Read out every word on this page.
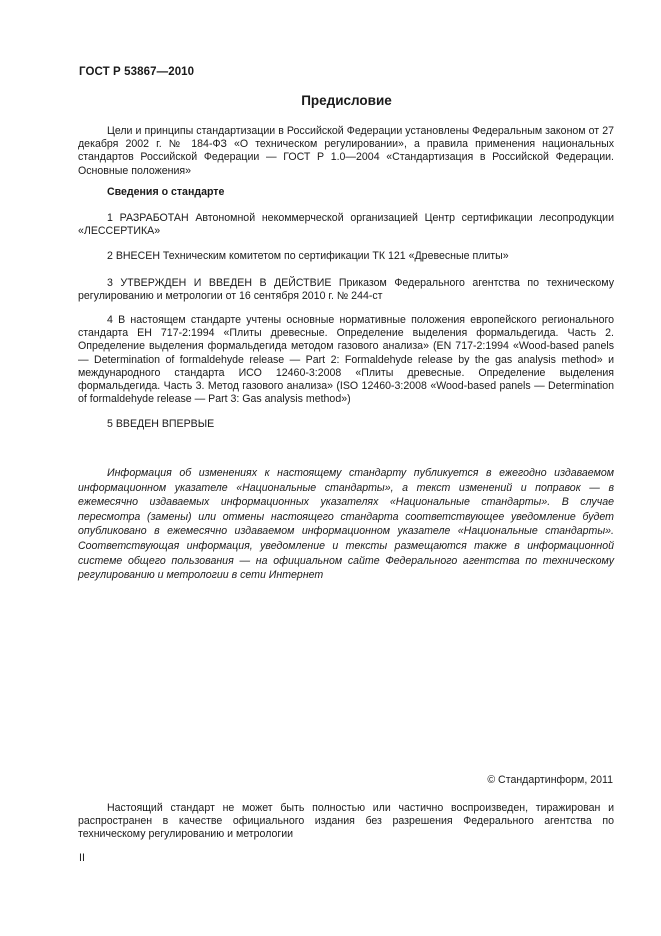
ГОСТ Р 53867—2010
Предисловие
Цели и принципы стандартизации в Российской Федерации установлены Федеральным законом от 27 декабря 2002 г. № 184-ФЗ «О техническом регулировании», а правила применения национальных стандартов Российской Федерации — ГОСТ Р 1.0—2004 «Стандартизация в Российской Федерации. Основные положения»
Сведения о стандарте
1 РАЗРАБОТАН Автономной некоммерческой организацией Центр сертификации лесопродукции «ЛЕССЕРТИКА»
2 ВНЕСЕН Техническим комитетом по сертификации ТК 121 «Древесные плиты»
3 УТВЕРЖДЕН И ВВЕДЕН В ДЕЙСТВИЕ Приказом Федерального агентства по техническому регулированию и метрологии от 16 сентября 2010 г. № 244-ст
4 В настоящем стандарте учтены основные нормативные положения европейского регионального стандарта ЕН 717-2:1994 «Плиты древесные. Определение выделения формальдегида. Часть 2. Определение выделения формальдегида методом газового анализа» (EN 717-2:1994 «Wood-based panels — Determination of formaldehyde release — Part 2: Formaldehyde release by the gas analysis method» и международного стандарта ИСО 12460-3:2008 «Плиты древесные. Определение выделения формальдегида. Часть 3. Метод газового анализа» (ISO 12460-3:2008 «Wood-based panels — Determination of formaldehyde release — Part 3: Gas analysis method»)
5 ВВЕДЕН ВПЕРВЫЕ
Информация об изменениях к настоящему стандарту публикуется в ежегодно издаваемом информационном указателе «Национальные стандарты», а текст изменений и поправок — в ежемесячно издаваемых информационных указателях «Национальные стандарты». В случае пересмотра (замены) или отмены настоящего стандарта соответствующее уведомление будет опубликовано в ежемесячно издаваемом информационном указателе «Национальные стандарты». Соответствующая информация, уведомление и тексты размещаются также в информационной системе общего пользования — на официальном сайте Федерального агентства по техническому регулированию и метрологии в сети Интернет
© Стандартинформ, 2011
Настоящий стандарт не может быть полностью или частично воспроизведен, тиражирован и распространен в качестве официального издания без разрешения Федерального агентства по техническому регулированию и метрологии
II
